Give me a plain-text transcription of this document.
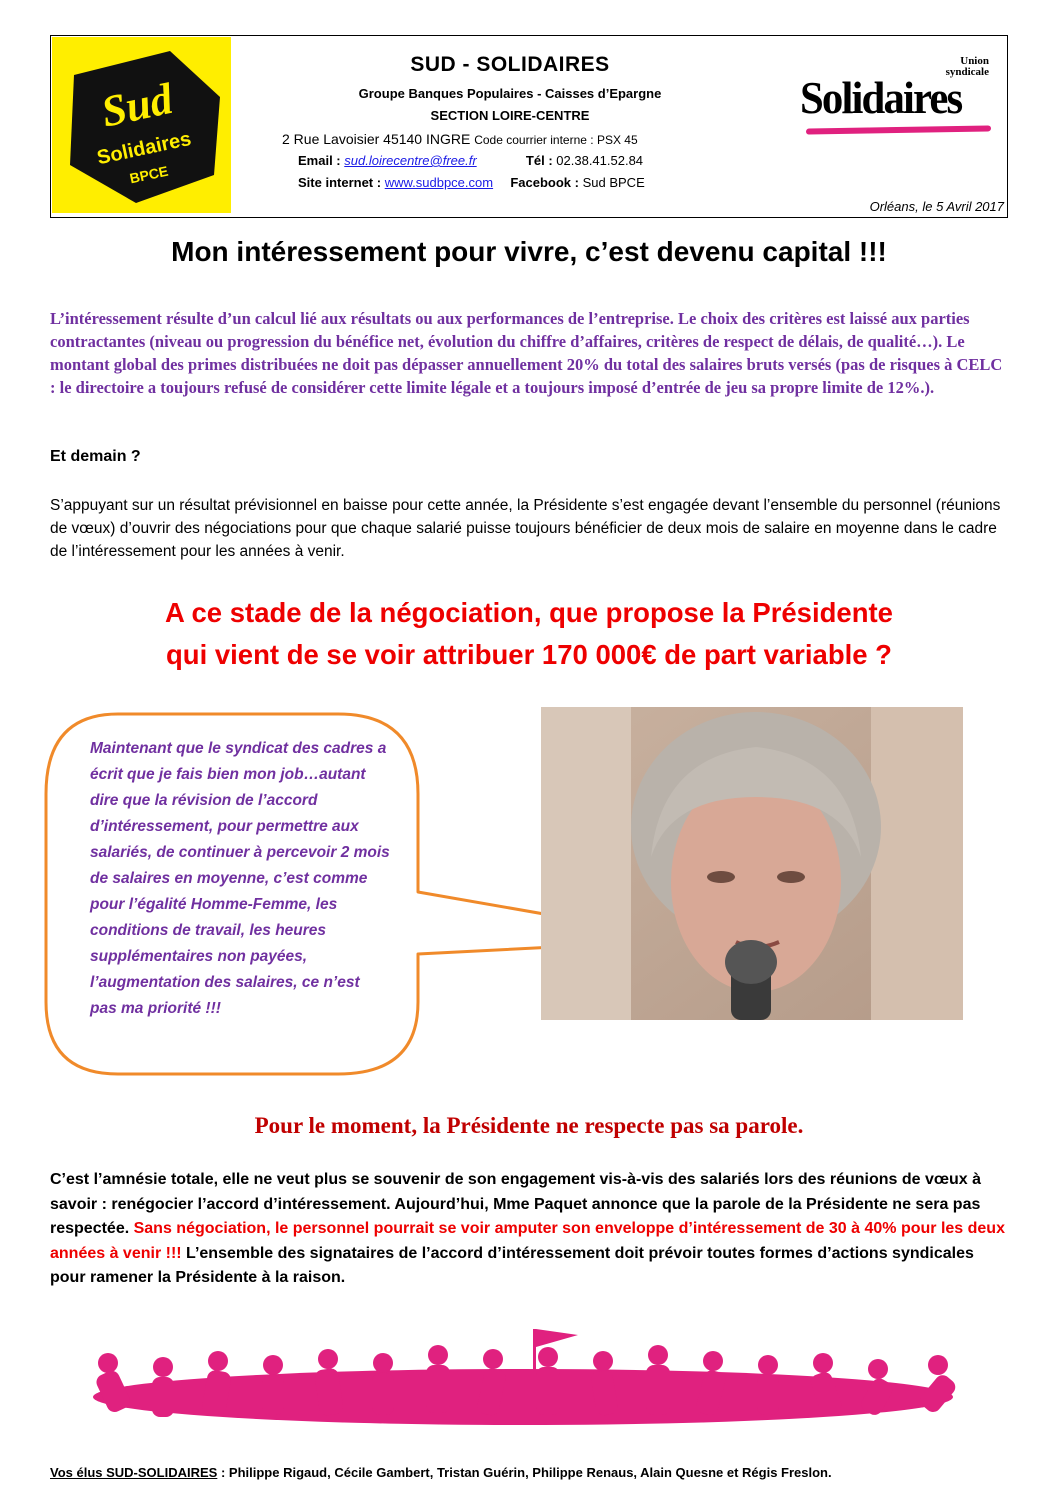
Sud
Solidaires
BPCE
SUD - SOLIDAIRES
Groupe Banques Populaires - Caisses d’Epargne
SECTION LOIRE-CENTRE
2 Rue Lavoisier 45140 INGRE Code courrier interne : PSX 45
Email : sud.loirecentre@free.fr	Tél : 02.38.41.52.84
Site internet : www.sudbpce.com Facebook : Sud BPCE
Union
syndicale
Solidaires
Orléans, le 5 Avril 2017
Mon intéressement pour vivre, c’est devenu capital !!!
L’intéressement résulte d’un calcul lié aux résultats ou aux performances de l’entreprise. Le choix des critères est laissé aux parties contractantes (niveau ou progression du bénéfice net, évolution du chiffre d’affaires, critères de respect de délais, de qualité…). Le montant global des primes distribuées ne doit pas dépasser annuellement 20% du total des salaires bruts versés (pas de risques à CELC : le directoire a toujours refusé de considérer cette limite légale et a toujours imposé d’entrée de jeu sa propre limite de 12%.).
Et demain ?
S’appuyant sur un résultat prévisionnel en baisse pour cette année, la Présidente s’est engagée devant l’ensemble du personnel (réunions de vœux) d’ouvrir des négociations pour que chaque salarié puisse toujours bénéficier de deux mois de salaire en moyenne dans le cadre de l’intéressement pour les années à venir.
A ce stade de la négociation, que propose la Présidente
qui vient de se voir attribuer 170 000€ de part variable ?
Maintenant que le syndicat des cadres a écrit que je fais bien mon job…autant dire que la révision de l’accord d’intéressement, pour permettre aux salariés, de continuer à percevoir 2 mois de salaires en moyenne, c’est comme pour l’égalité Homme-Femme, les conditions de travail, les heures supplémentaires non payées, l’augmentation des salaires, ce n’est pas ma priorité !!!
Pour le moment, la Présidente ne respecte pas sa parole.
C’est l’amnésie totale, elle ne veut plus se souvenir de son engagement vis-à-vis des salariés lors des réunions de vœux à savoir : renégocier l’accord d’intéressement. Aujourd’hui, Mme Paquet annonce que la parole de la Présidente ne sera pas respectée. Sans négociation, le personnel pourrait se voir amputer son enveloppe d’intéressement de 30 à 40% pour les deux années à venir !!! L’ensemble des signataires de l’accord d’intéressement doit prévoir toutes formes d’actions syndicales pour ramener la Présidente à la raison.
Vos élus SUD-SOLIDAIRES : Philippe Rigaud, Cécile Gambert, Tristan Guérin, Philippe Renaus, Alain Quesne et Régis Freslon.
